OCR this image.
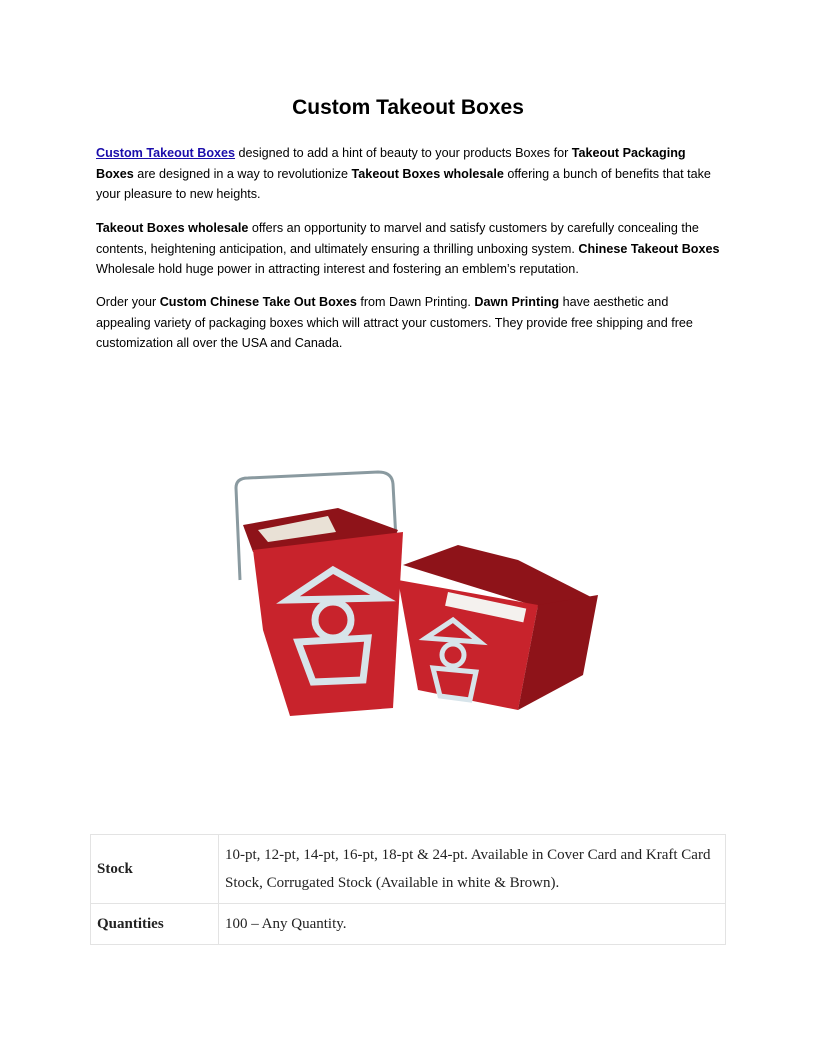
Custom Takeout Boxes

Custom Takeout Boxes designed to add a hint of beauty to your products Boxes for Takeout Packaging Boxes are designed in a way to revolutionize Takeout Boxes wholesale offering a bunch of benefits that take your pleasure to new heights.

Takeout Boxes wholesale offers an opportunity to marvel and satisfy customers by carefully concealing the contents, heightening anticipation, and ultimately ensuring a thrilling unboxing system. Chinese Takeout Boxes Wholesale hold huge power in attracting interest and fostering an emblem’s reputation.

Order your Custom Chinese Take Out Boxes from Dawn Printing. Dawn Printing have aesthetic and appealing variety of packaging boxes which will attract your customers. They provide free shipping and free customization all over the USA and Canada.

Stock	10-pt, 12-pt, 14-pt, 16-pt, 18-pt & 24-pt. Available in Cover Card and Kraft Card Stock, Corrugated Stock (Available in white & Brown).
Quantities	100 – Any Quantity.
